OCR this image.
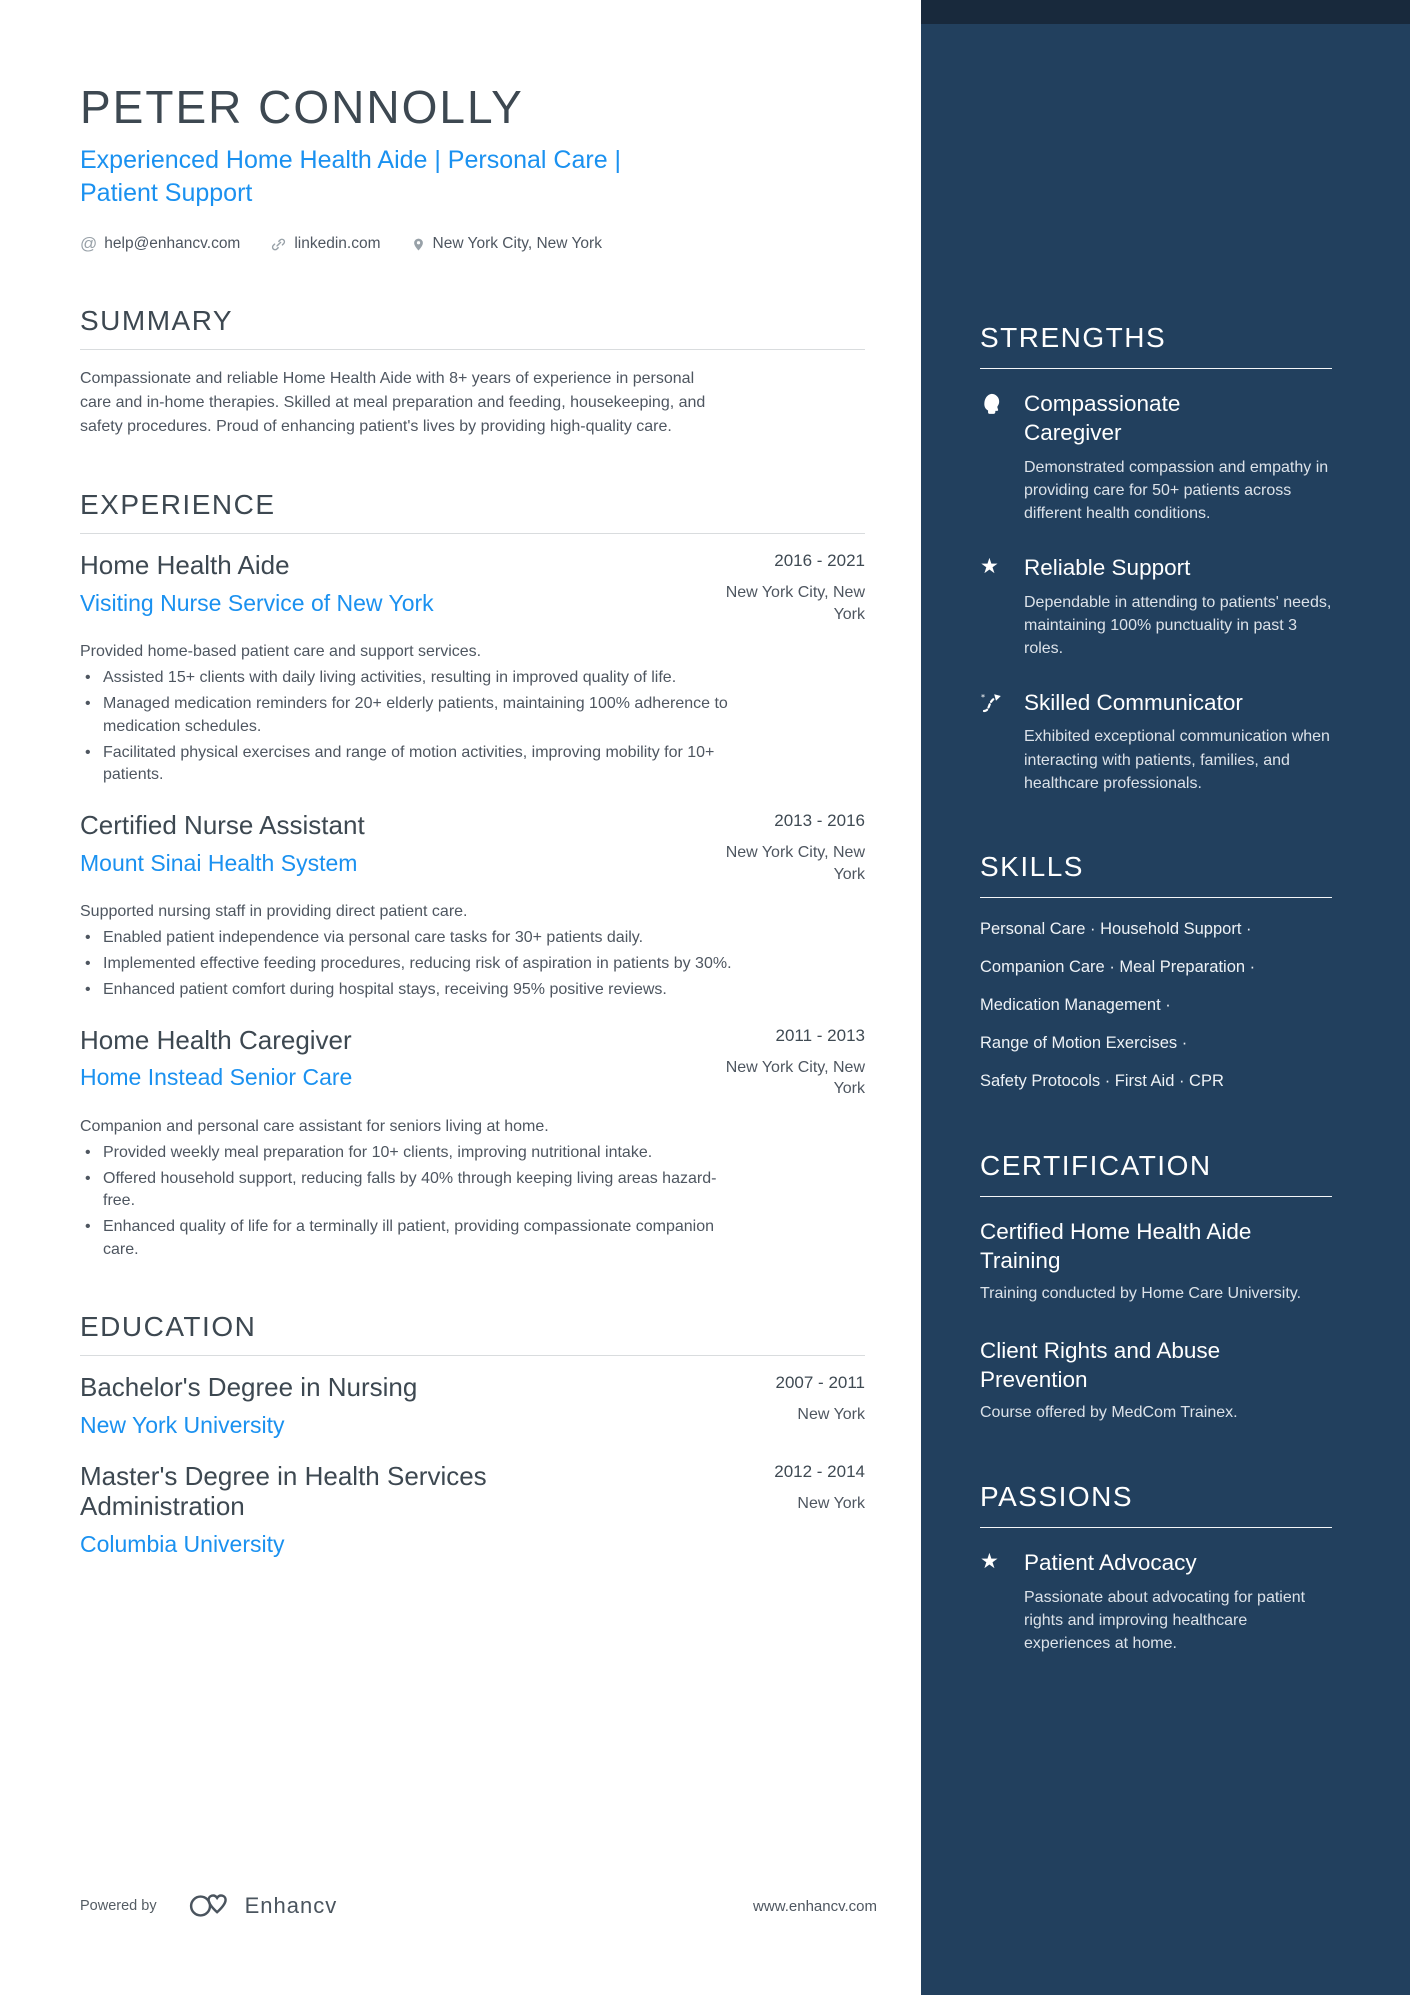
PETER CONNOLLY
Experienced Home Health Aide | Personal Care | Patient Support
@ help@enhancv.com	linkedin.com	New York City, New York
SUMMARY

Compassionate and reliable Home Health Aide with 8+ years of experience in personal care and in-home therapies. Skilled at meal preparation and feeding, housekeeping, and safety procedures. Proud of enhancing patient's lives by providing high-quality care.

EXPERIENCE
Home Health Aide
Visiting Nurse Service of New York
2016 - 2021
New York City, New York
Provided home-based patient care and support services.
• Assisted 15+ clients with daily living activities, resulting in improved quality of life.
• Managed medication reminders for 20+ elderly patients, maintaining 100% adherence to medication schedules.
• Facilitated physical exercises and range of motion activities, improving mobility for 10+ patients.
Certified Nurse Assistant
Mount Sinai Health System
2013 - 2016
New York City, New York
Supported nursing staff in providing direct patient care.
• Enabled patient independence via personal care tasks for 30+ patients daily.
• Implemented effective feeding procedures, reducing risk of aspiration in patients by 30%.
• Enhanced patient comfort during hospital stays, receiving 95% positive reviews.
Home Health Caregiver
Home Instead Senior Care
2011 - 2013
New York City, New York
Companion and personal care assistant for seniors living at home.
• Provided weekly meal preparation for 10+ clients, improving nutritional intake.
• Offered household support, reducing falls by 40% through keeping living areas hazard-free.
• Enhanced quality of life for a terminally ill patient, providing compassionate companion care.
EDUCATION
Bachelor's Degree in Nursing
New York University
2007 - 2011
New York
Master's Degree in Health Services Administration
Columbia University
2012 - 2014
New York
Powered by	Enhancv	www.enhancv.com
STRENGTHS
Compassionate Caregiver
Demonstrated compassion and empathy in providing care for 50+ patients across different health conditions.
★	Reliable Support
Dependable in attending to patients' needs, maintaining 100% punctuality in past 3 roles.
* Skilled Communicator
Exhibited exceptional communication when interacting with patients, families, and healthcare professionals.
SKILLS
Personal Care · Household Support ·
Companion Care · Meal Preparation ·
Medication Management ·
Range of Motion Exercises ·
Safety Protocols · First Aid · CPR
CERTIFICATION
Certified Home Health Aide Training
Training conducted by Home Care University.
Client Rights and Abuse Prevention
Course offered by MedCom Trainex.
PASSIONS
★	Patient Advocacy
Passionate about advocating for patient rights and improving healthcare experiences at home.
